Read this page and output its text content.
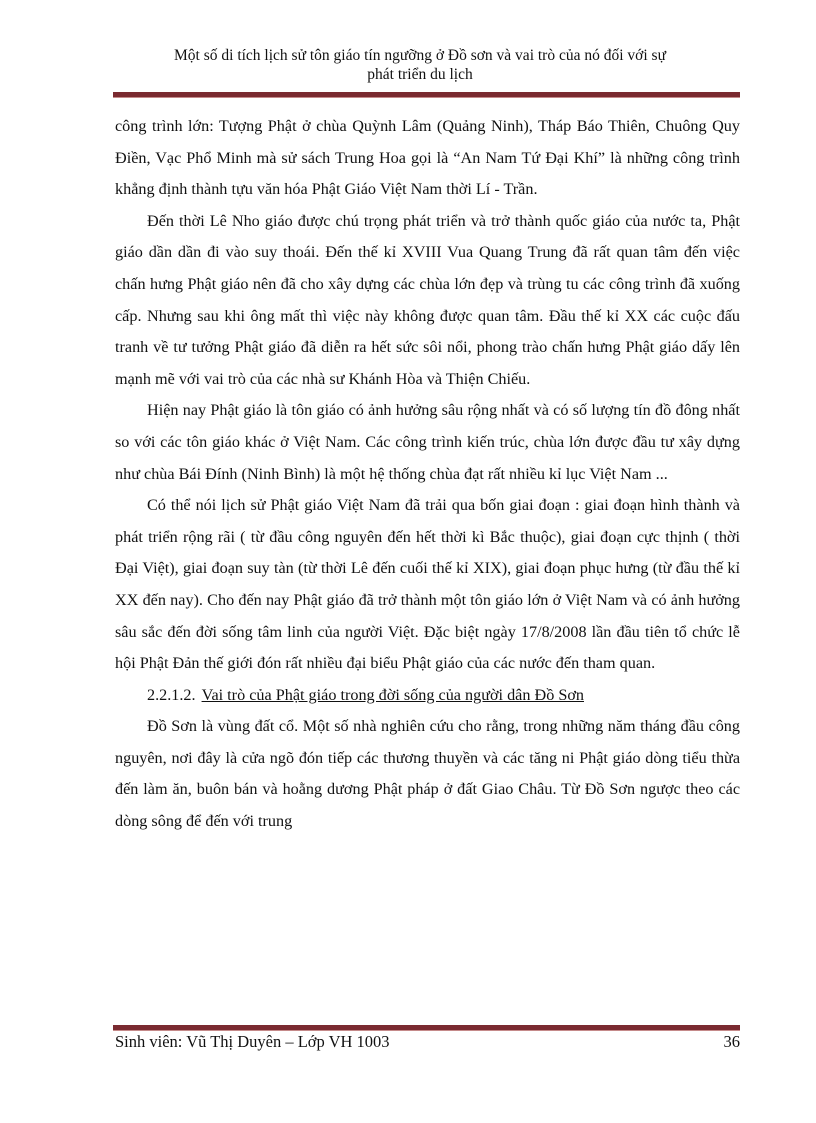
Một số di tích lịch sử tôn giáo tín ngưỡng ở Đồ sơn và vai trò của nó đối với sự
phát triển du lịch

công trình lớn: Tượng Phật ở chùa Quỳnh Lâm (Quảng Ninh), Tháp Báo Thiên, Chuông Quy Điền, Vạc Phổ Minh mà sử sách Trung Hoa gọi là “An Nam Tứ Đại Khí” là những công trình khẳng định thành tựu văn hóa Phật Giáo Việt Nam thời Lí - Trần.

Đến thời Lê Nho giáo được chú trọng phát triển và trở thành quốc giáo của nước ta, Phật giáo dần dần đi vào suy thoái. Đến thế kỉ XVIII Vua Quang Trung đã rất quan tâm đến việc chấn hưng Phật giáo nên đã cho xây dựng các chùa lớn đẹp và trùng tu các công trình đã xuống cấp. Nhưng sau khi ông mất thì việc này không được quan tâm. Đầu thế kỉ XX các cuộc đấu tranh về tư tưởng Phật giáo đã diễn ra hết sức sôi nổi, phong trào chấn hưng Phật giáo dấy lên mạnh mẽ với vai trò của các nhà sư Khánh Hòa và Thiện Chiếu.

Hiện nay Phật giáo là tôn giáo có ảnh hưởng sâu rộng nhất và có số lượng tín đồ đông nhất so với các tôn giáo khác ở Việt Nam. Các công trình kiến trúc, chùa lớn được đầu tư xây dựng như chùa Bái Đính (Ninh Bình) là một hệ thống chùa đạt rất nhiều kỉ lục Việt Nam ...

Có thể nói lịch sử Phật giáo Việt Nam đã trải qua bốn giai đoạn : giai đoạn hình thành và phát triển rộng rãi ( từ đầu công nguyên đến hết thời kì Bắc thuộc), giai đoạn cực thịnh ( thời Đại Việt), giai đoạn suy tàn (từ thời Lê đến cuối thế kỉ XIX), giai đoạn phục hưng (từ đầu thế kỉ XX đến nay). Cho đến nay Phật giáo đã trở thành một tôn giáo lớn ở Việt Nam và có ảnh hưởng sâu sắc đến đời sống tâm linh của người Việt. Đặc biệt ngày 17/8/2008 lần đầu tiên tổ chức lễ hội Phật Đản thế giới đón rất nhiều đại biểu Phật giáo của các nước đến tham quan.

2.2.1.2. Vai trò của Phật giáo trong đời sống của người dân Đồ Sơn

Đồ Sơn là vùng đất cổ. Một số nhà nghiên cứu cho rằng, trong những năm tháng đầu công nguyên, nơi đây là cửa ngõ đón tiếp các thương thuyền và các tăng ni Phật giáo dòng tiểu thừa đến làm ăn, buôn bán và hoằng dương Phật pháp ở đất Giao Châu. Từ Đồ Sơn ngược theo các dòng sông để đến với trung

Sinh viên: Vũ Thị Duyên – Lớp VH 1003	36
